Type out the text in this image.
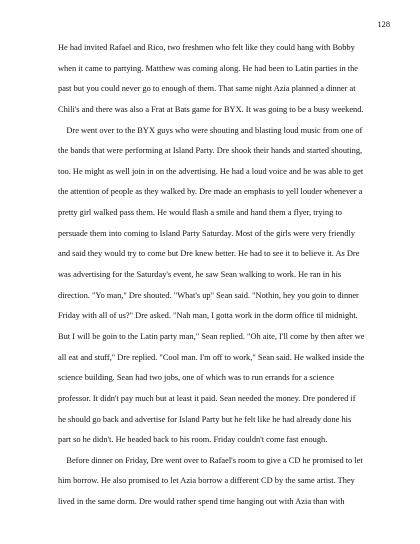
128
He had invited Rafael and Rico, two freshmen who felt like they could hang with Bobby
when it came to partying. Matthew was coming along. He had been to Latin parties in the
past but you could never go to enough of them. That same night Azia planned a dinner at
Chili's and there was also a Frat at Bats game for BYX. It was going to be a busy weekend.
Dre went over to the BYX guys who were shouting and blasting loud music from one of
the bands that were performing at Island Party. Dre shook their hands and started shouting,
too. He might as well join in on the advertising. He had a loud voice and he was able to get
the attention of people as they walked by. Dre made an emphasis to yell louder whenever a
pretty girl walked pass them. He would flash a smile and hand them a flyer, trying to
persuade them into coming to Island Party Saturday. Most of the girls were very friendly
and said they would try to come but Dre knew better. He had to see it to believe it. As Dre
was advertising for the Saturday's event, he saw Sean walking to work. He ran in his
direction. "Yo man," Dre shouted. "What's up" Sean said. "Nothin, hey you goin to dinner
Friday with all of us?" Dre asked. "Nah man, I gotta work in the dorm office til midnight.
But I will be goin to the Latin party man," Sean replied. "Oh aite, I'll come by then after we
all eat and stuff," Dre replied. "Cool man. I'm off to work," Sean said. He walked inside the
science building. Sean had two jobs, one of which was to run errands for a science
professor. It didn't pay much but at least it paid. Sean needed the money. Dre pondered if
he should go back and advertise for Island Party but he felt like he had already done his
part so he didn't. He headed back to his room. Friday couldn't come fast enough.
Before dinner on Friday, Dre went over to Rafael's room to give a CD he promised to let
him borrow. He also promised to let Azia borrow a different CD by the same artist. They
lived in the same dorm. Dre would rather spend time hanging out with Azia than with
